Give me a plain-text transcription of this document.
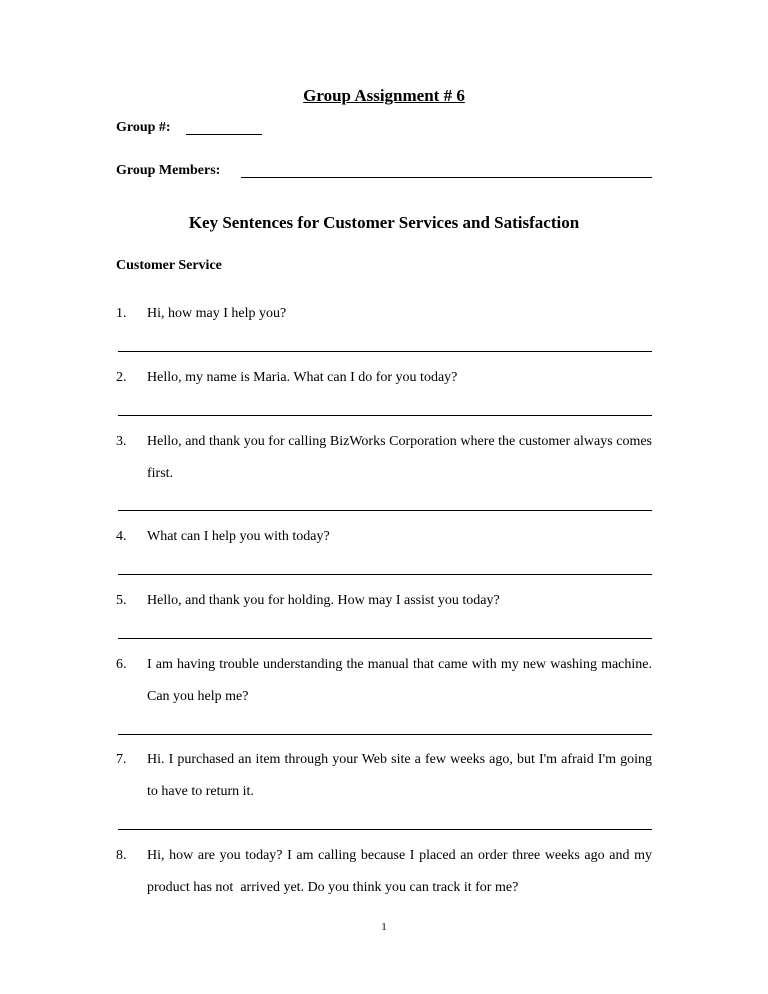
Group Assignment # 6
Group #:
Group Members:
Key Sentences for Customer Services and Satisfaction
Customer Service
1. Hi, how may I help you?
2. Hello, my name is Maria. What can I do for you today?
3. Hello, and thank you for calling BizWorks Corporation where the customer always comes first.
4. What can I help you with today?
5. Hello, and thank you for holding. How may I assist you today?
6. I am having trouble understanding the manual that came with my new washing machine. Can you help me?
7. Hi. I purchased an item through your Web site a few weeks ago, but I'm afraid I'm going to have to return it.
8. Hi, how are you today? I am calling because I placed an order three weeks ago and my product has not  arrived yet. Do you think you can track it for me?
1
